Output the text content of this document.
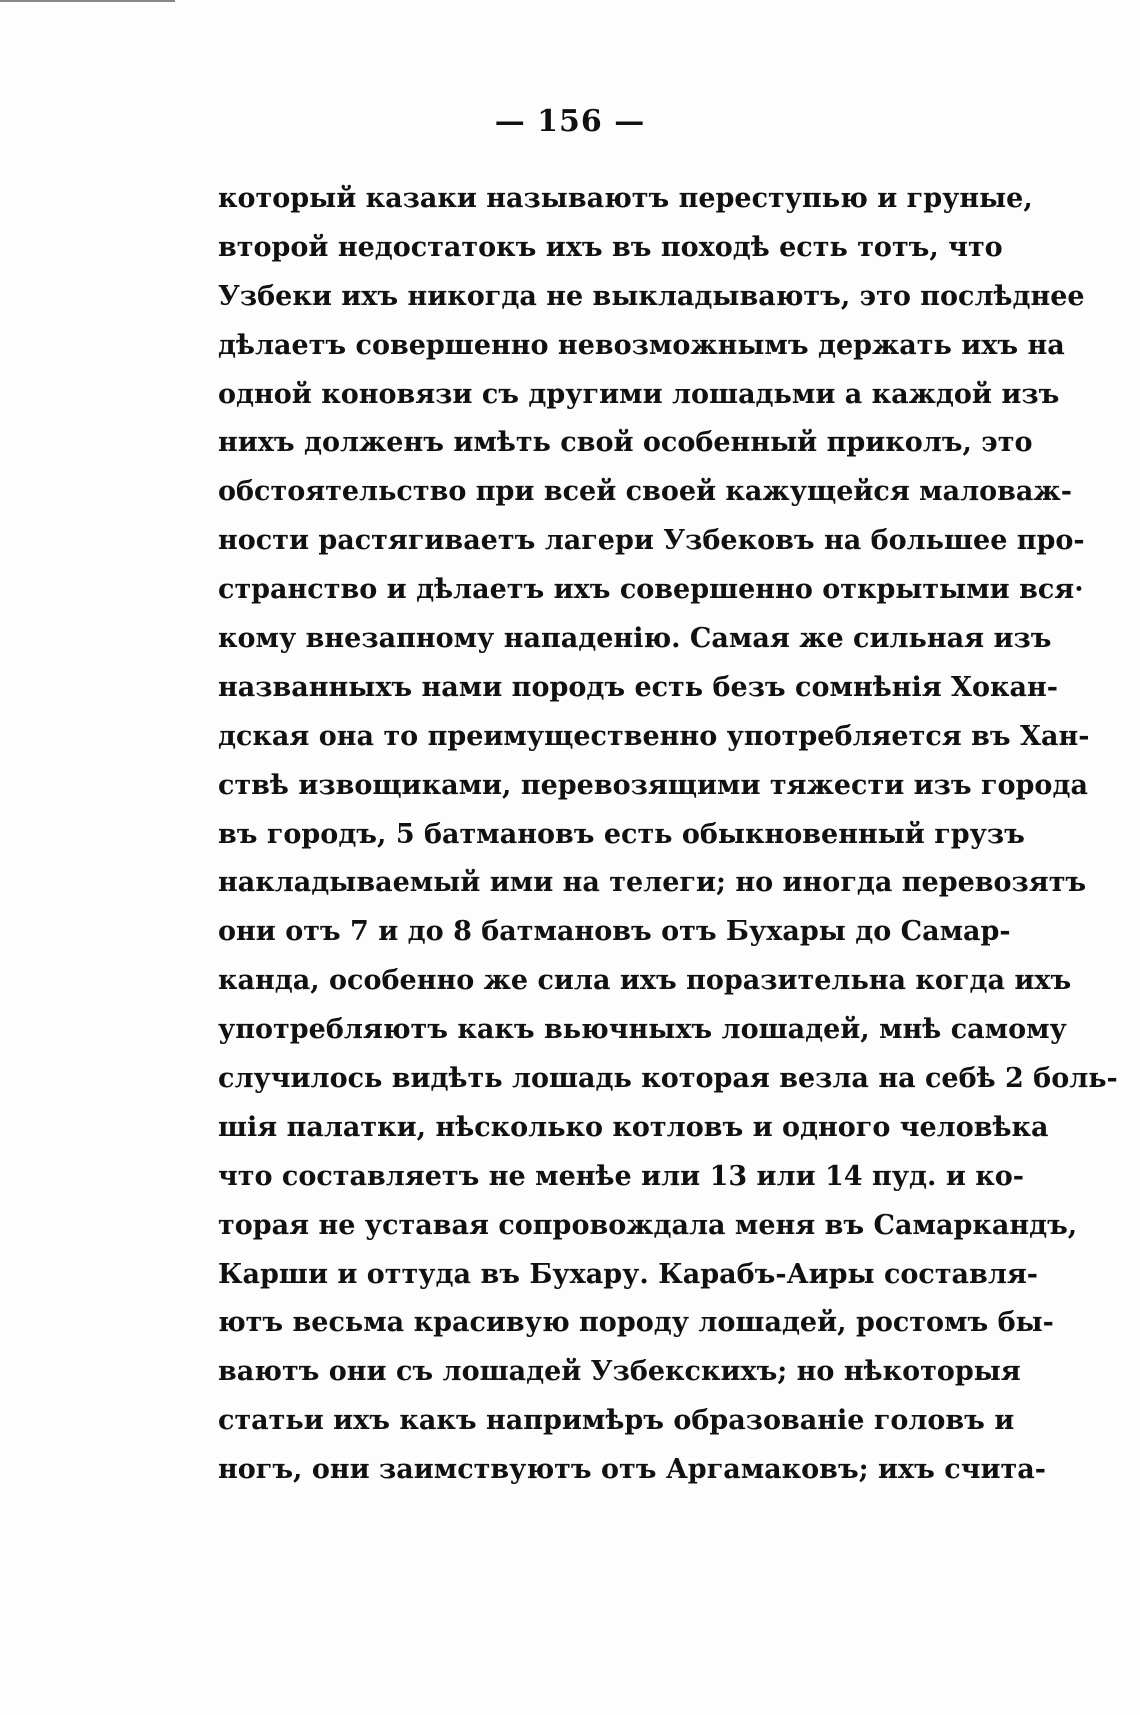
— 156 —
который казаки называютъ переступью и груные,
второй недостатокъ ихъ въ походѣ есть тотъ, что
Узбеки ихъ никогда не выкладываютъ, это послѣднее
дѣлаетъ совершенно невозможнымъ держать ихъ на
одной коновязи съ другими лошадьми а каждой изъ
нихъ долженъ имѣть свой особенный приколъ, это
обстоятельство при всей своей кажущейся маловаж-
ности растягиваетъ лагери Узбековъ на большее про-
странство и дѣлаетъ ихъ совершенно открытыми вся·
кому внезапному нападенію. Самая же сильная изъ
названныхъ нами породъ есть безъ сомнѣнія Хокан-
дская она то преимущественно употребляется въ Хан-
ствѣ извощиками, перевозящими тяжести изъ города
въ городъ, 5 батмановъ есть обыкновенный грузъ
накладываемый ими на телеги; но иногда перевозятъ
они отъ 7 и до 8 батмановъ отъ Бухары до Самар-
канда, особенно же сила ихъ поразительна когда ихъ
употребляютъ какъ вьючныхъ лошадей, мнѣ самому
случилось видѣть лошадь которая везла на себѣ 2 боль-
шія палатки, нѣсколько котловъ и одного человѣка
что составляетъ не менѣе или 13 или 14 пуд. и ко-
торая не уставая сопровождала меня въ Самаркандъ,
Карши и оттуда въ Бухару. Карабъ-Аиры составля-
ютъ весьма красивую породу лошадей, ростомъ бы-
ваютъ они съ лошадей Узбекскихъ; но нѣкоторыя
статьи ихъ какъ напримѣръ образованіе головъ и
ногъ, они заимствуютъ отъ Аргамаковъ; ихъ счита-
